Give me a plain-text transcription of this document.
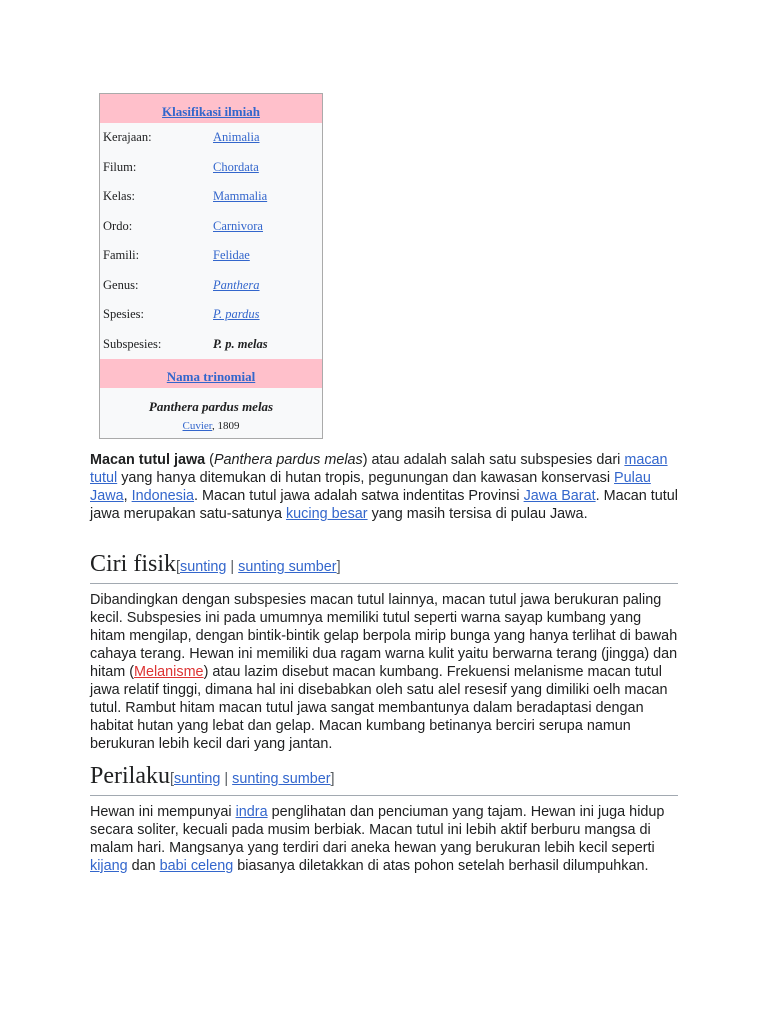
Klasifikasi ilmiah
Kerajaan:	Animalia
Filum:	Chordata
Kelas:	Mammalia
Ordo:	Carnivora
Famili:	Felidae
Genus:	Panthera
Spesies:	P. pardus
Subspesies:	P. p. melas
Nama trinomial
Panthera pardus melas
Cuvier, 1809

Macan tutul jawa (Panthera pardus melas) atau adalah salah satu subspesies dari macan tutul yang hanya ditemukan di hutan tropis, pegunungan dan kawasan konservasi Pulau Jawa, Indonesia. Macan tutul jawa adalah satwa indentitas Provinsi Jawa Barat. Macan tutul jawa merupakan satu-satunya kucing besar yang masih tersisa di pulau Jawa.

Ciri fisik[sunting | sunting sumber]

Dibandingkan dengan subspesies macan tutul lainnya, macan tutul jawa berukuran paling kecil. Subspesies ini pada umumnya memiliki tutul seperti warna sayap kumbang yang hitam mengilap, dengan bintik-bintik gelap berpola mirip bunga yang hanya terlihat di bawah cahaya terang. Hewan ini memiliki dua ragam warna kulit yaitu berwarna terang (jingga) dan hitam (Melanisme) atau lazim disebut macan kumbang. Frekuensi melanisme macan tutul jawa relatif tinggi, dimana hal ini disebabkan oleh satu alel resesif yang dimiliki oelh macan tutul. Rambut hitam macan tutul jawa sangat membantunya dalam beradaptasi dengan habitat hutan yang lebat dan gelap. Macan kumbang betinanya berciri serupa namun berukuran lebih kecil dari yang jantan.

Perilaku[sunting | sunting sumber]

Hewan ini mempunyai indra penglihatan dan penciuman yang tajam. Hewan ini juga hidup secara soliter, kecuali pada musim berbiak. Macan tutul ini lebih aktif berburu mangsa di malam hari. Mangsanya yang terdiri dari aneka hewan yang berukuran lebih kecil seperti kijang dan babi celeng biasanya diletakkan di atas pohon setelah berhasil dilumpuhkan.
